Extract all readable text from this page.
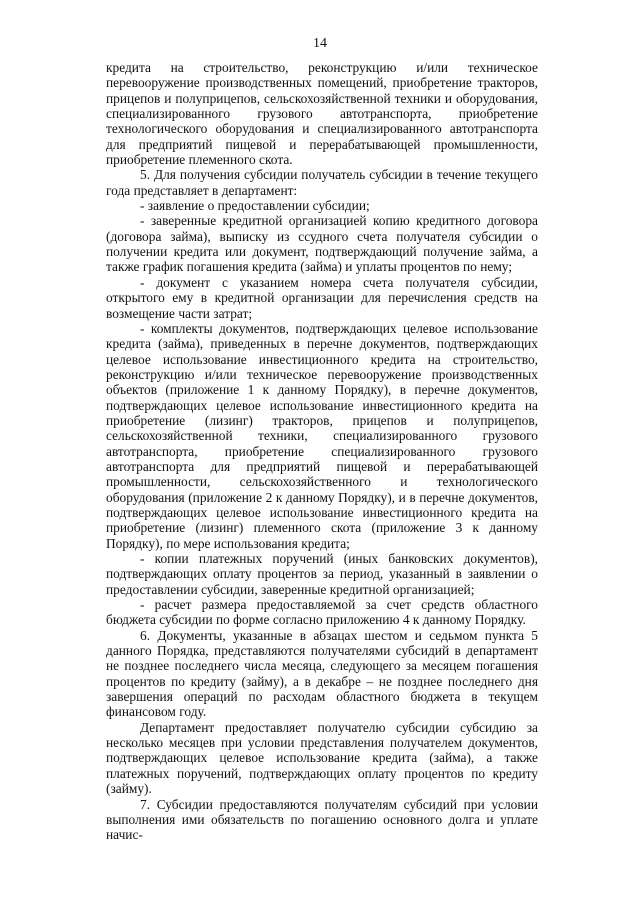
14

кредита на строительство, реконструкцию и/или техническое перевооружение производственных помещений, приобретение тракторов, прицепов и полуприцепов, сельскохозяйственной техники и оборудования, специализированного грузового автотранспорта, приобретение технологического оборудования и специализированного автотранспорта для предприятий пищевой и перерабатывающей промышленности, приобретение племенного скота.

5. Для получения субсидии получатель субсидии в течение текущего года представляет в департамент:

- заявление о предоставлении субсидии;

- заверенные кредитной организацией копию кредитного договора (договора займа), выписку из ссудного счета получателя субсидии о получении кредита или документ, подтверждающий получение займа, а также график погашения кредита (займа) и уплаты процентов по нему;

- документ с указанием номера счета получателя субсидии, открытого ему в кредитной организации для перечисления средств на возмещение части затрат;

- комплекты документов, подтверждающих целевое использование кредита (займа), приведенных в перечне документов, подтверждающих целевое использование инвестиционного кредита на строительство, реконструкцию и/или техническое перевооружение производственных объектов (приложение 1 к данному Порядку), в перечне документов, подтверждающих целевое использование инвестиционного кредита на приобретение (лизинг) тракторов, прицепов и полуприцепов, сельскохозяйственной техники, специализированного грузового автотранспорта, приобретение специализированного грузового автотранспорта для предприятий пищевой и перерабатывающей промышленности, сельскохозяйственного и технологического оборудования (приложение 2 к данному Порядку), и в перечне документов, подтверждающих целевое использование инвестиционного кредита на приобретение (лизинг) племенного скота (приложение 3 к данному Порядку), по мере использования кредита;

- копии платежных поручений (иных банковских документов), подтверждающих оплату процентов за период, указанный в заявлении о предоставлении субсидии, заверенные кредитной организацией;

- расчет размера предоставляемой за счет средств областного бюджета субсидии по форме согласно приложению 4 к данному Порядку.

6. Документы, указанные в абзацах шестом и седьмом пункта 5 данного Порядка, представляются получателями субсидий в департамент не позднее последнего числа месяца, следующего за месяцем погашения процентов по кредиту (займу), а в декабре – не позднее последнего дня завершения операций по расходам областного бюджета в текущем финансовом году.

Департамент предоставляет получателю субсидии субсидию за несколько месяцев при условии представления получателем документов, подтверждающих целевое использование кредита (займа), а также платежных поручений, подтверждающих оплату процентов по кредиту (займу).

7. Субсидии предоставляются получателям субсидий при условии выполнения ими обязательств по погашению основного долга и уплате начис-
